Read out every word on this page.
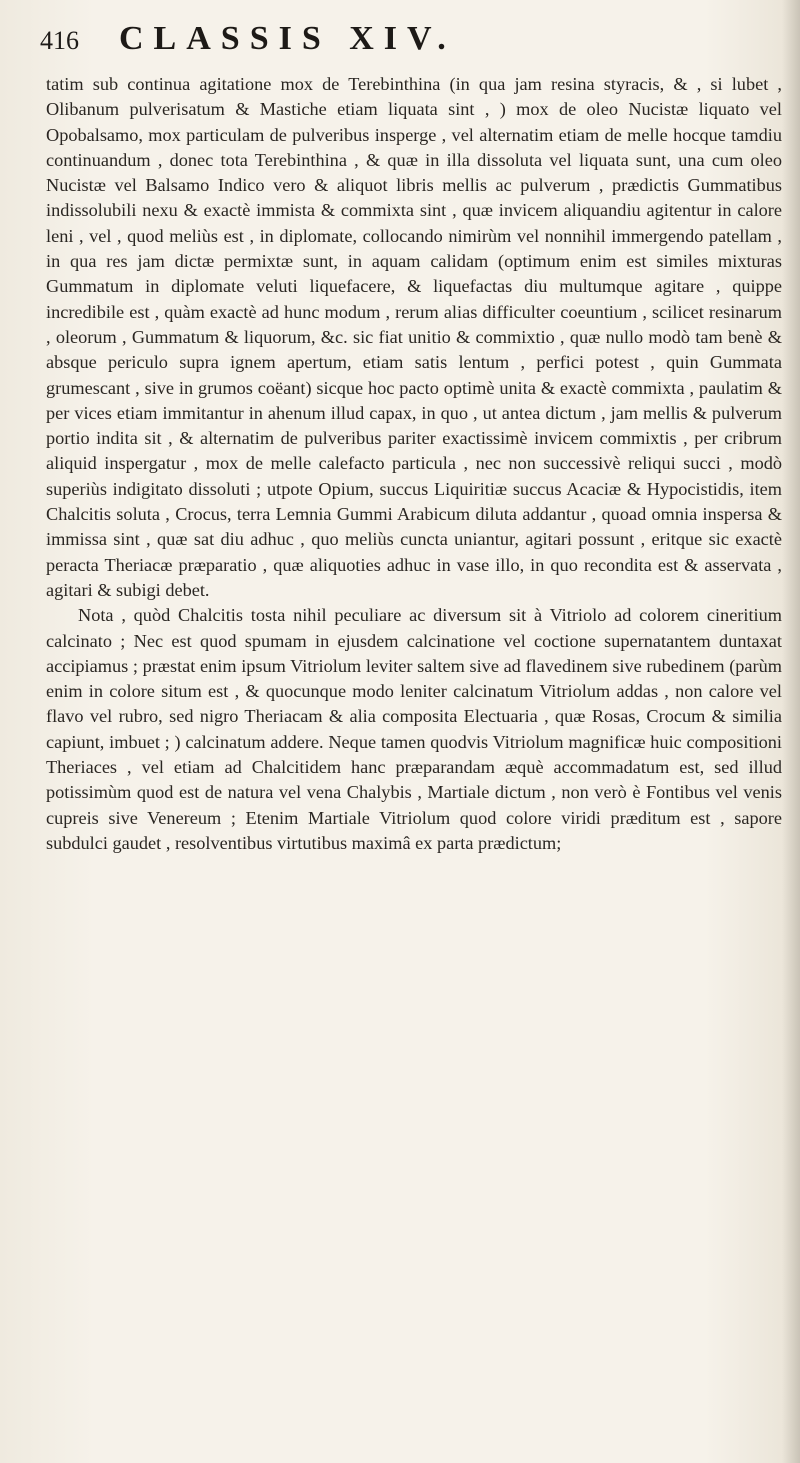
416 CLASSIS XIV.

tatim sub continua agitatione mox de Terebinthina (in qua jam resina styracis, & , si lubet , Olibanum pulverisatum & Mastiche etiam liquata sint , ) mox de oleo Nucistæ liquato vel Opobalsamo, mox particulam de pulveribus inspergе , vel alternatim etiam de melle hocque tamdiu continuandum , donec tota Terebinthina , & quæ in illa dissoluta vel liquata sunt, una cum oleo Nucistæ vel Balsamo Indico vero & aliquot libris mellis ac pulverum , prædictis Gummatibus indissolubili nexu & exactè immista & commixta sint , quæ invicem aliquandiu agitentur in calore leni , vel , quod meliùs est , in diplomate, collocando nimirùm vel nonnihil immergendo patellam , in qua res jam dictæ permixtæ sunt, in aquam calidam (optimum enim est similes mixturas Gummatum in diplomate veluti liquefacere, & liquefactas diu multumque agitare , quippe incredibile est , quàm exactè ad hunc modum , rerum alias difficulter coeuntium , scilicet resinarum , oleorum , Gummatum & liquorum, &c. sic fiat unitio & commixtio , quæ nullo modò tam benè & absque periculo supra ignem apertum, etiam satis lentum , perfici potest , quin Gummata grumescant , sive in grumos coëant) sicque hoc pacto optimè unita & exactè commixta , paulatim & per vices etiam immitantur in ahenum illud capax, in quo , ut antea dictum , jam mellis & pulverum portio indita sit , & alternatim de pulveribus pariter exactissimè invicem commixtis , per cribrum aliquid inspergatur , mox de melle calefacto particula , nec non successivè reliqui succi , modò superiùs indigitato dissoluti ; utpote Opium, succus Liquiritiæ succus Acaciæ & Hypocistidis, item Chalcitis soluta , Crocus, terra Lemnia Gummi Arabicum diluta addantur , quoad omnia inspersa & immissa sint , quæ sat diu adhuc , quo meliùs cuncta uniantur, agitari possunt , eritque sic exactè peracta Theriacæ præparatio , quæ aliquoties adhuc in vase illo, in quo recondita est & asservata , agitari & subigi debet.

Nota , quòd Chalcitis tosta nihil peculiare ac diversum sit à Vitriolo ad colorem cineritium calcinato ; Nec est quod spumam in ejusdem calcinatione vel coctione supernatantem duntaxat accipiamus ; præstat enim ipsum Vitriolum leviter saltem sive ad flavedinem sive rubedinem (parùm enim in colore situm est , & quocunque modo leniter calcinatum Vitriolum addas , non calore vel flavo vel rubro, sed nigro Theriacam & alia composita Electuaria , quæ Rosas, Crocum & similia capiunt, imbuet ; ) calcinatum addere. Neque tamen quodvis Vitriolum magnificæ huic compositioni Theriaces , vel etiam ad Chalcitidem hanc præparandam æquè accommadatum est, sed illud potissimùm quod est de natura vel vena Chalybis , Martiale dictum , non verò è Fontibus vel venis cupreis sive Venereum ; Etenim Martiale Vitriolum quod colore viridi præditum est , sapore subdulci gaudet , resolventibus virtutibus maximâ ex parta prædictum;
